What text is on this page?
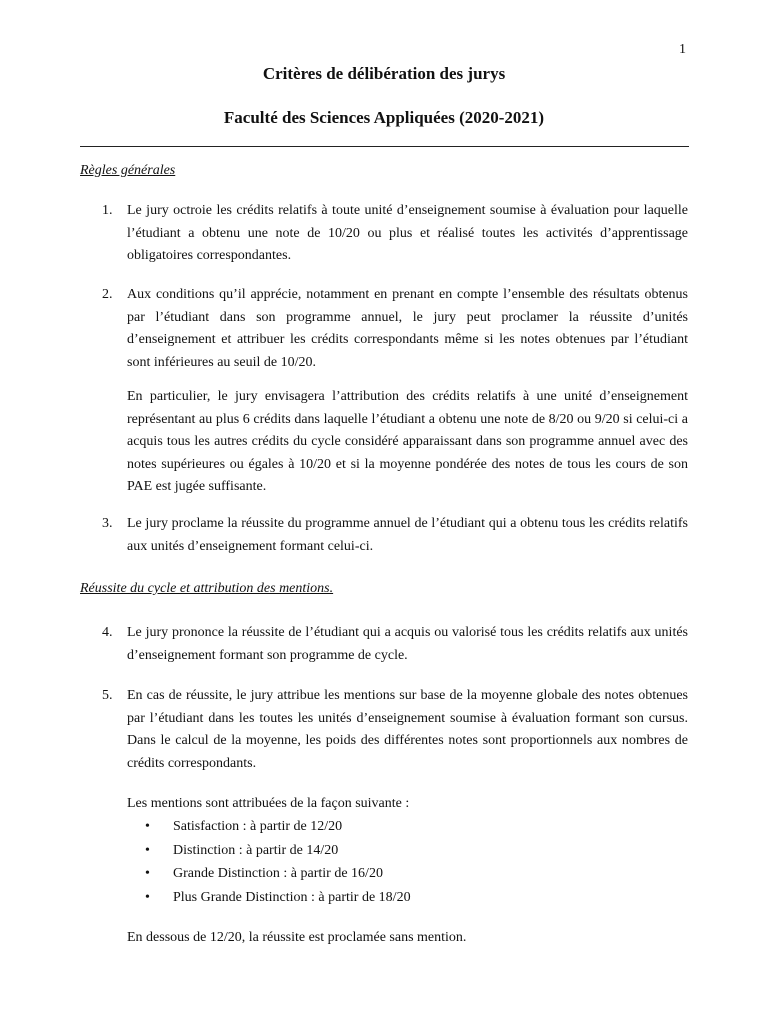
1
Critères de délibération des jurys
Faculté des Sciences Appliquées (2020-2021)
Règles générales
1. Le jury octroie les crédits relatifs à toute unité d’enseignement soumise à évaluation pour laquelle l’étudiant a obtenu une note de 10/20 ou plus et réalisé toutes les activités d’apprentissage obligatoires correspondantes.
2. Aux conditions qu’il apprécie, notamment en prenant en compte l’ensemble des résultats obtenus par l’étudiant dans son programme annuel, le jury peut proclamer la réussite d’unités d’enseignement et attribuer les crédits correspondants même si les notes obtenues par l’étudiant sont inférieures au seuil de 10/20.
En particulier, le jury envisagera l’attribution des crédits relatifs à une unité d’enseignement représentant au plus 6 crédits dans laquelle l’étudiant a obtenu une note de 8/20 ou 9/20 si celui-ci a acquis tous les autres crédits du cycle considéré apparaissant dans son programme annuel avec des notes supérieures ou égales à 10/20 et si la moyenne pondérée des notes de tous les cours de son PAE est jugée suffisante.
3. Le jury proclame la réussite du programme annuel de l’étudiant qui a obtenu tous les crédits relatifs aux unités d’enseignement formant celui-ci.
Réussite du cycle et attribution des mentions.
4. Le jury prononce la réussite de l’étudiant qui a acquis ou valorisé tous les crédits relatifs aux unités d’enseignement formant son programme de cycle.
5. En cas de réussite, le jury attribue les mentions sur base de la moyenne globale des notes obtenues par l’étudiant dans les toutes les unités d’enseignement soumise à évaluation formant son cursus. Dans le calcul de la moyenne, les poids des différentes notes sont proportionnels aux nombres de crédits correspondants.
Les mentions sont attribuées de la façon suivante :
• Satisfaction : à partir de 12/20
• Distinction : à partir de 14/20
• Grande Distinction : à partir de 16/20
• Plus Grande Distinction : à partir de 18/20
En dessous de 12/20, la réussite est proclamée sans mention.
